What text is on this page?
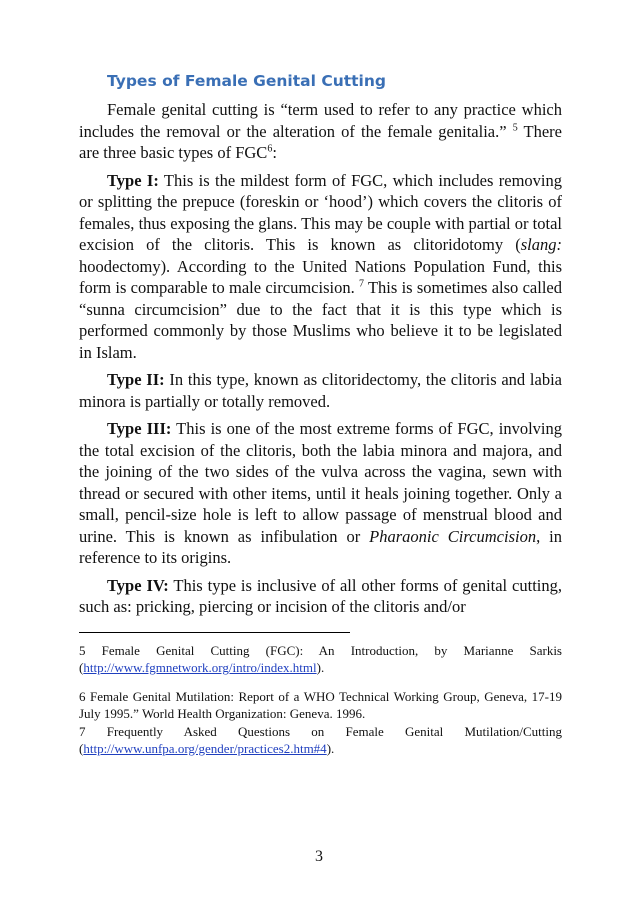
Types of Female Genital Cutting

Female genital cutting is “term used to refer to any practice which includes the removal or the alteration of the female genitalia.” $^5$ There are three basic types of FGC$^6$:

Type I: This is the mildest form of FGC, which includes removing or splitting the prepuce (foreskin or ‘hood’) which covers the clitoris of females, thus exposing the glans. This may be couple with partial or total excision of the clitoris. This is known as clitoridotomy (slang: hoodectomy). According to the United Nations Population Fund, this form is comparable to male circumcision. $^7$ This is sometimes also called “sunna circumcision” due to the fact that it is this type which is performed commonly by those Muslims who believe it to be legislated in Islam.

Type II: In this type, known as clitoridectomy, the clitoris and labia minora is partially or totally removed.

Type III: This is one of the most extreme forms of FGC, involving the total excision of the clitoris, both the labia minora and majora, and the joining of the two sides of the vulva across the vagina, sewn with thread or secured with other items, until it heals joining together. Only a small, pencil-size hole is left to allow passage of menstrual blood and urine. This is known as infibulation or Pharaonic Circumcision, in reference to its origins.

Type IV: This type is inclusive of all other forms of genital cutting, such as: pricking, piercing or incision of the clitoris and/or

5 Female Genital Cutting (FGC): An Introduction, by Marianne Sarkis (http://www.fgmnetwork.org/intro/index.html).

6 Female Genital Mutilation: Report of a WHO Technical Working Group, Geneva, 17-19 July 1995.” World Health Organization: Geneva. 1996.

7 Frequently Asked Questions on Female Genital Mutilation/Cutting (http://www.unfpa.org/gender/practices2.htm#4).

3
